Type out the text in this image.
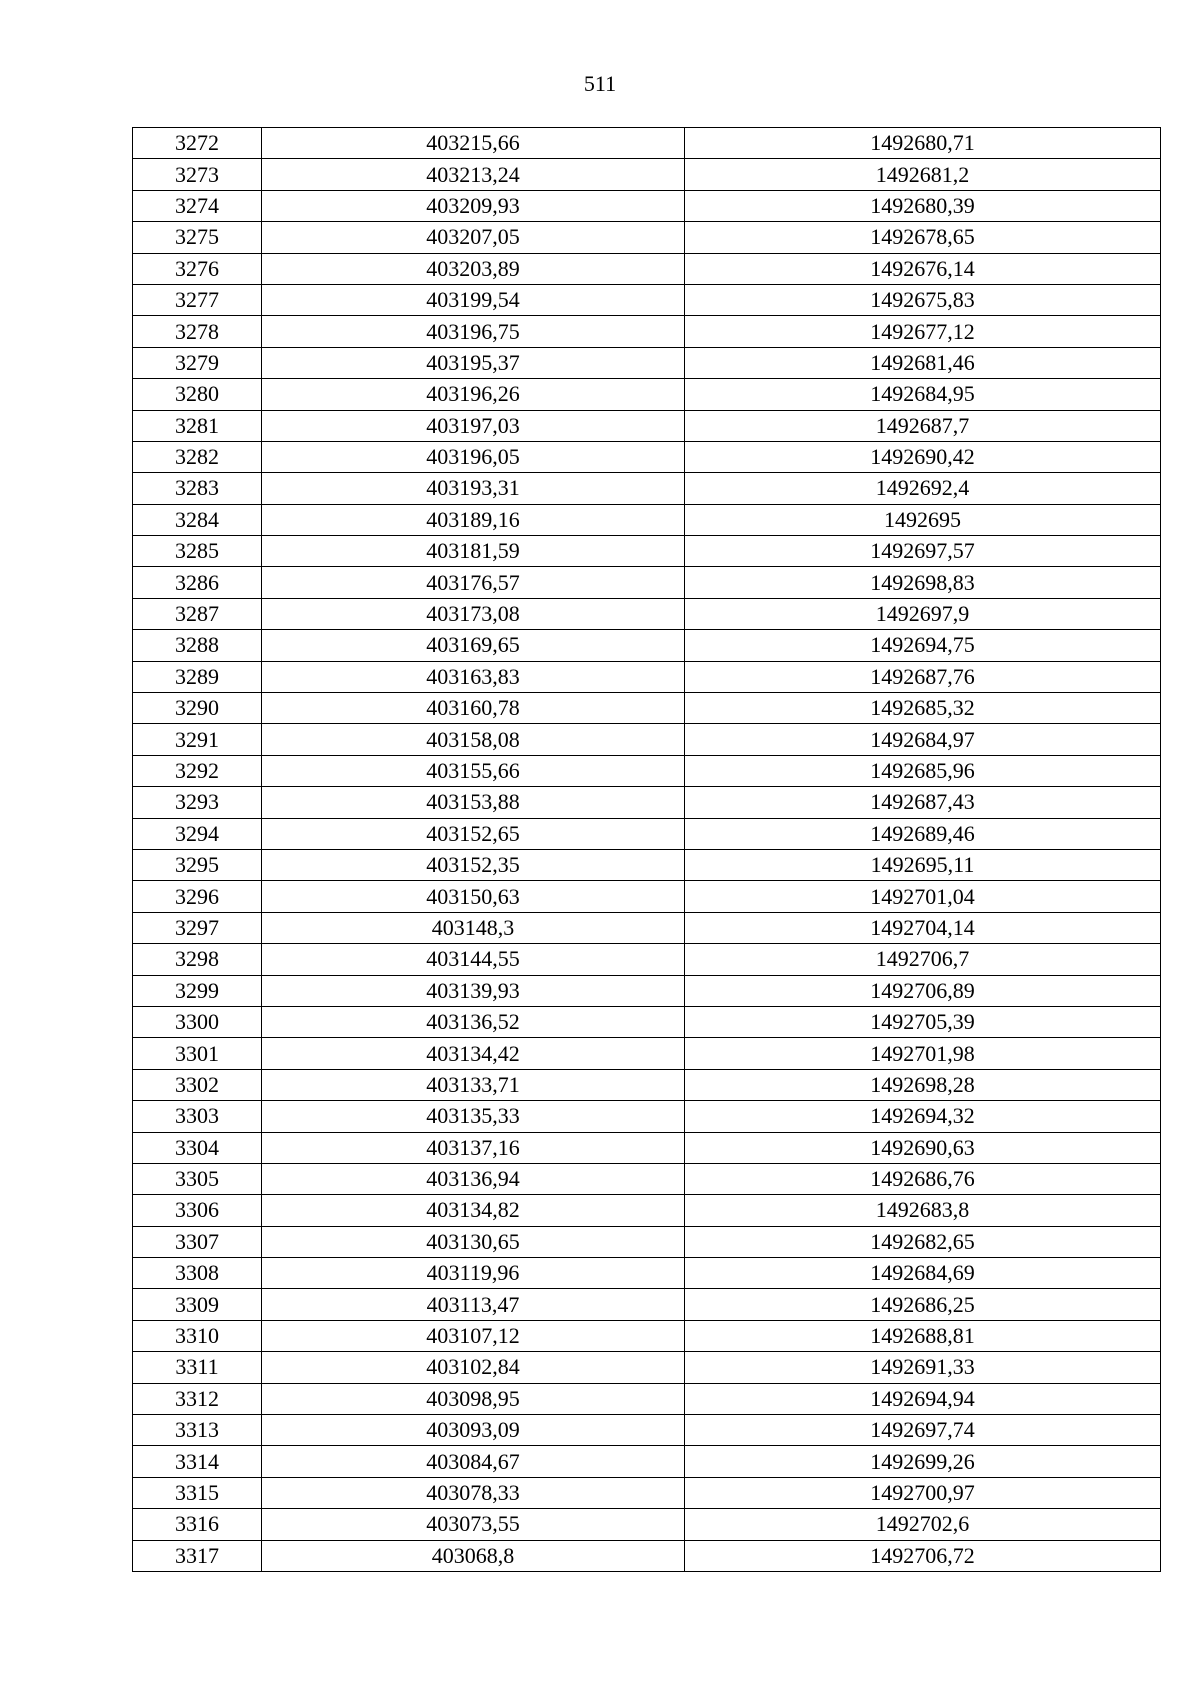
511
3272	403215,66	1492680,71
3273	403213,24	1492681,2
3274	403209,93	1492680,39
3275	403207,05	1492678,65
3276	403203,89	1492676,14
3277	403199,54	1492675,83
3278	403196,75	1492677,12
3279	403195,37	1492681,46
3280	403196,26	1492684,95
3281	403197,03	1492687,7
3282	403196,05	1492690,42
3283	403193,31	1492692,4
3284	403189,16	1492695
3285	403181,59	1492697,57
3286	403176,57	1492698,83
3287	403173,08	1492697,9
3288	403169,65	1492694,75
3289	403163,83	1492687,76
3290	403160,78	1492685,32
3291	403158,08	1492684,97
3292	403155,66	1492685,96
3293	403153,88	1492687,43
3294	403152,65	1492689,46
3295	403152,35	1492695,11
3296	403150,63	1492701,04
3297	403148,3	1492704,14
3298	403144,55	1492706,7
3299	403139,93	1492706,89
3300	403136,52	1492705,39
3301	403134,42	1492701,98
3302	403133,71	1492698,28
3303	403135,33	1492694,32
3304	403137,16	1492690,63
3305	403136,94	1492686,76
3306	403134,82	1492683,8
3307	403130,65	1492682,65
3308	403119,96	1492684,69
3309	403113,47	1492686,25
3310	403107,12	1492688,81
3311	403102,84	1492691,33
3312	403098,95	1492694,94
3313	403093,09	1492697,74
3314	403084,67	1492699,26
3315	403078,33	1492700,97
3316	403073,55	1492702,6
3317	403068,8	1492706,72
